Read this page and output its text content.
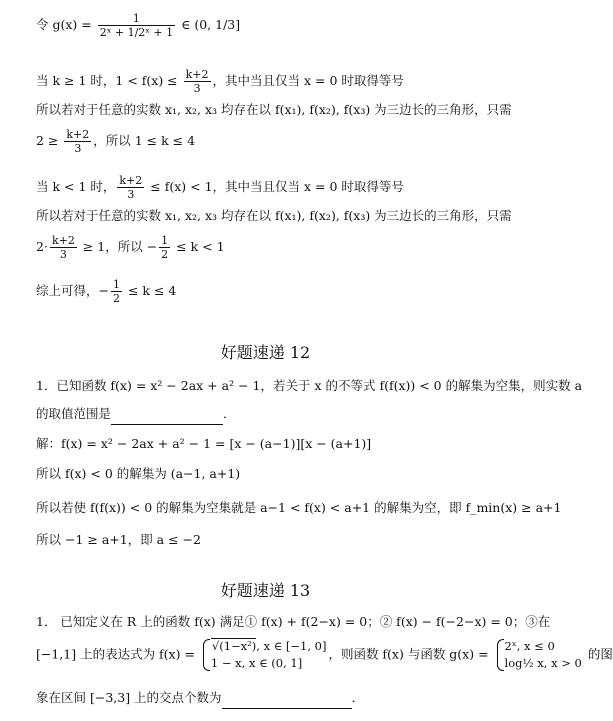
令 $g(x) = \frac{1}{\text{2ˣ + 1/2ˣ + 1}}$ ∈ (0, 1/3]
当 k ≥ 1 时，$1 < f(x) \le \frac{k+2}{3}$ ，其中当且仅当 x = 0 时取得等号
所以若对于任意的实数 x₁, x₂, x₃ 均存在以 f(x₁), f(x₂), f(x₃) 为三边长的三角形，只需
$2 \ge \frac{k+2}{3}$ ，所以 1 ≤ k ≤ 4
当 k < 1 时， $\frac{k+2}{3} \le f(x) < 1$，其中当且仅当 x = 0 时取得等号
所以若对于任意的实数 x₁, x₂, x₃ 均存在以 f(x₁), f(x₂), f(x₃) 为三边长的三角形，只需
$2\cdot \frac{k+2}{3} \ge 1$，所以 − $\frac{1}{2} \le k < 1$
综上可得，− $\frac{1}{2} \le k \le 4$
好题速递 12
1．已知函数 f(x) = x² − 2ax + a² − 1，若关于 x 的不等式 f(f(x)) < 0 的解集为空集，则实数 a
的取值范围是	．
解：f(x) = x² − 2ax + a² − 1 = [x − (a−1)][x − (a+1)]
所以 f(x) < 0 的解集为 (a−1, a+1)
所以若使 f(f(x)) < 0 的解集为空集就是 a−1 < f(x) < a+1 的解集为空，即 f_min(x) ≥ a+1
所以 −1 ≥ a+1，即 a ≤ −2
好题速递 13
1． 已知定义在 R 上的函数 f(x) 满足① f(x) + f(2−x) = 0；② f(x) − f(−2−x) = 0；③在
[−1,1] 上的表达式为 f(x) =
√(1−x²), x ∈ [−1, 0]
1 − x, x ∈ (0, 1]
，则函数 f(x) 与函数 g(x) =
2ˣ, x ≤ 0
log½ x, x > 0
的图
象在区间 [−3,3] 上的交点个数为	．
